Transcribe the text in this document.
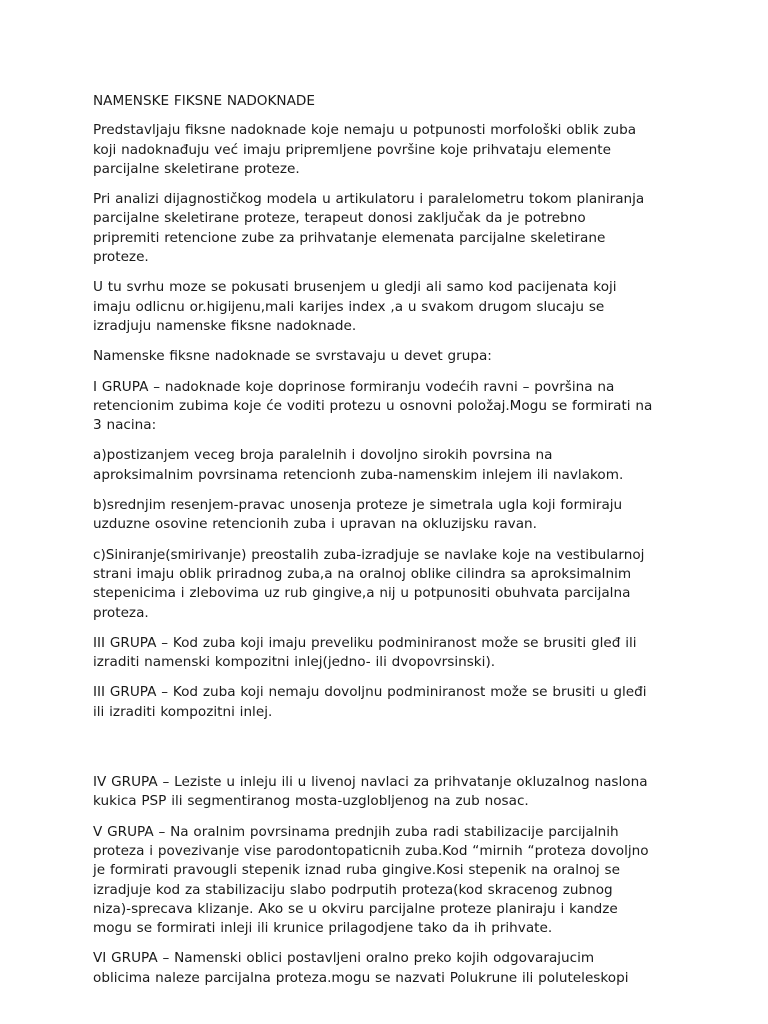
NAMENSKE FIKSNE NADOKNADE
Predstavljaju fiksne nadoknade koje nemaju u potpunosti morfološki oblik zuba
koji nadoknađuju već imaju pripremljene površine koje prihvataju elemente
parcijalne skeletirane proteze.
Pri analizi dijagnostičkog modela u artikulatoru i paralelometru tokom planiranja
parcijalne skeletirane proteze, terapeut donosi zaključak da je potrebno
pripremiti retencione zube za prihvatanje elemenata parcijalne skeletirane
proteze.
U tu svrhu moze se pokusati brusenjem u gledji ali samo kod pacijenata koji
imaju odlicnu or.higijenu,mali karijes index ,a u svakom drugom slucaju se
izradjuju namenske fiksne nadoknade.
Namenske fiksne nadoknade se svrstavaju u devet grupa:
I GRUPA – nadoknade koje doprinose formiranju vodećih ravni – površina na
retencionim zubima koje će voditi protezu u osnovni položaj.Mogu se formirati na
3 nacina:
a)postizanjem veceg broja paralelnih i dovoljno sirokih povrsina na
aproksimalnim povrsinama retencionh zuba-namenskim inlejem ili navlakom.
b)srednjim resenjem-pravac unosenja proteze je simetrala ugla koji formiraju
uzduzne osovine retencionih zuba i upravan na okluzijsku ravan.
c)Siniranje(smirivanje) preostalih zuba-izradjuje se navlake koje na vestibularnoj
strani imaju oblik priradnog zuba,a na oralnoj oblike cilindra sa aproksimalnim
stepenicima i zlebovima uz rub gingive,a nij u potpunositi obuhvata parcijalna
proteza.
III GRUPA – Kod zuba koji imaju preveliku podminiranost može se brusiti gleđ ili
izraditi namenski kompozitni inlej(jedno- ili dvopovrsinski).
III GRUPA – Kod zuba koji nemaju dovoljnu podminiranost može se brusiti u gleđi
ili izraditi kompozitni inlej.
IV GRUPA – Leziste u inleju ili u livenoj navlaci za prihvatanje okluzalnog naslona
kukica PSP ili segmentiranog mosta-uzglobljenog na zub nosac.
V GRUPA – Na oralnim povrsinama prednjih zuba radi stabilizacije parcijalnih
proteza i povezivanje vise parodontopaticnih zuba.Kod “mirnih “proteza dovoljno
je formirati pravougli stepenik iznad ruba gingive.Kosi stepenik na oralnoj se
izradjuje kod za stabilizaciju slabo podrputih proteza(kod skracenog zubnog
niza)-sprecava klizanje. Ako se u okviru parcijalne proteze planiraju i kandze
mogu se formirati inleji ili krunice prilagodjene tako da ih prihvate.
VI GRUPA – Namenski oblici postavljeni oralno preko kojih odgovarajucim
oblicima naleze parcijalna proteza.mogu se nazvati Polukrune ili poluteleskopi
